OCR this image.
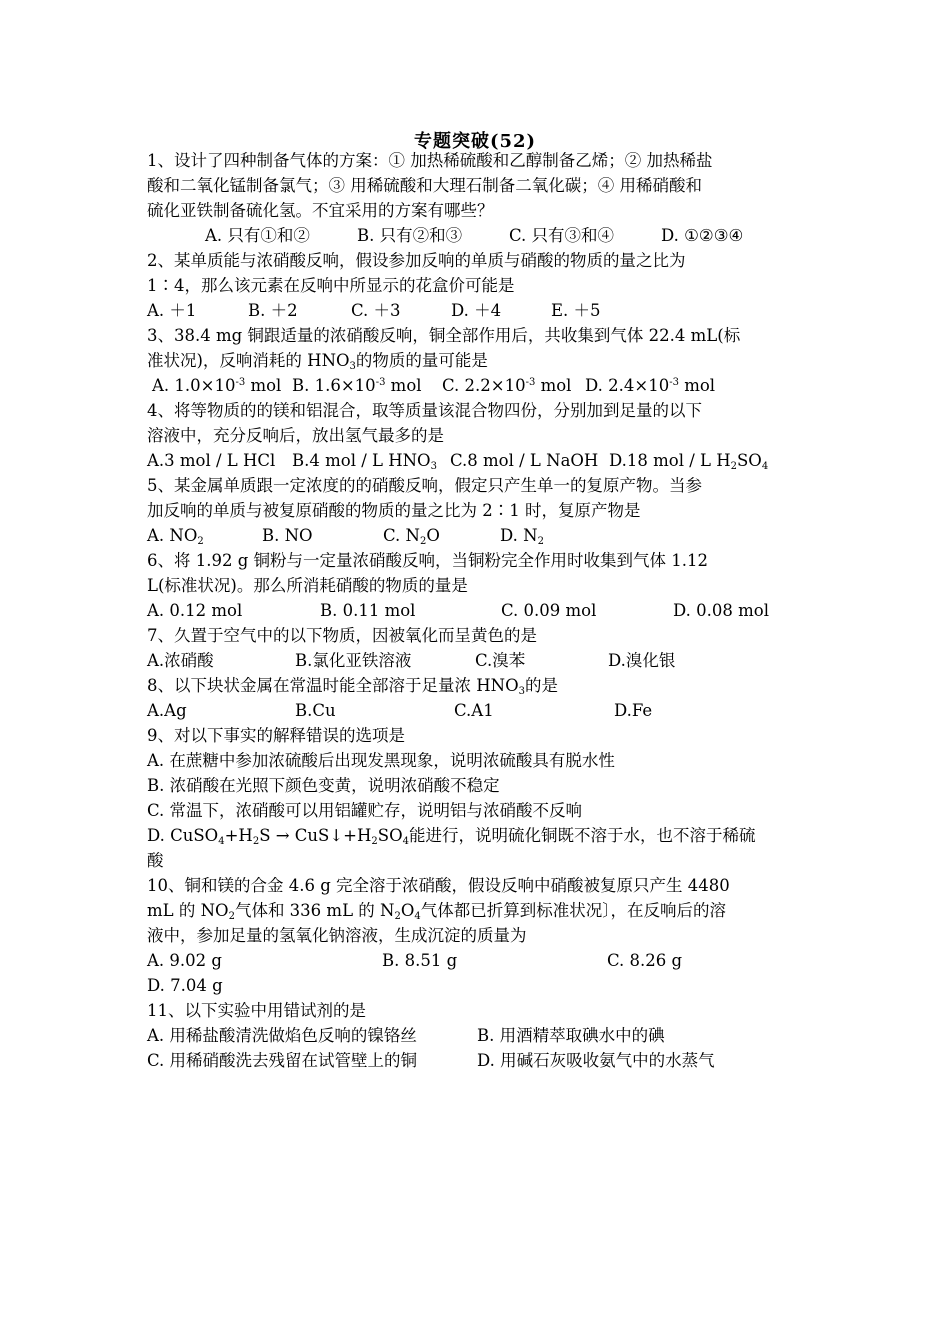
专题突破(52)
1、设计了四种制备气体的方案：① 加热稀硫酸和乙醇制备乙烯；② 加热稀盐
酸和二氧化锰制备氯气；③ 用稀硫酸和大理石制备二氧化碳；④ 用稀硝酸和
硫化亚铁制备硫化氢。不宜采用的方案有哪些？
A. 只有①和②	B. 只有②和③	C. 只有③和④	D. ①②③④
2、某单质能与浓硝酸反响，假设参加反响的单质与硝酸的物质的量之比为
1∶4，那么该元素在反响中所显示的花盒价可能是
A. ＋1	B. ＋2	C. ＋3	D. ＋4	E. ＋5
3、38.4 mg 铜跟适量的浓硝酸反响，铜全部作用后，共收集到气体 22.4 mL(标
准状况)，反响消耗的 $HNO_3$的物质的量可能是
A. $1.0\times 10^{-3}$ mol B. $1.6\times 10^{-3}$ mol C. $2.2\times 10^{-3}$ mol D. $2.4\times 10^{-3}$ mol
4、将等物质的的镁和铝混合，取等质量该混合物四份，分别加到足量的以下
溶液中，充分反响后，放出氢气最多的是
A.3 mol / L HCl B.4 mol / L $HNO_3$ C.8 mol / L NaOH D.18 mol / L $H_2SO_4$
5、某金属单质跟一定浓度的的硝酸反响，假定只产生单一的复原产物。当参
加反响的单质与被复原硝酸的物质的量之比为 2∶1 时，复原产物是
A. $NO_2$	B. NO	C. $N_2O$	D. $N_2$
6、将 1.92 g 铜粉与一定量浓硝酸反响，当铜粉完全作用时收集到气体 1.12
L(标准状况)。那么所消耗硝酸的物质的量是
A. 0.12 mol	B. 0.11 mol	C. 0.09 mol	D. 0.08 mol
7、久置于空气中的以下物质，因被氧化而呈黄色的是
A.浓硝酸	B.氯化亚铁溶液	C.溴苯	D.溴化银
8、以下块状金属在常温时能全部溶于足量浓 $HNO_3$的是
A.Ag	B.Cu	C.A1	D.Fe
9、对以下事实的解释错误的选项是
A. 在蔗糖中参加浓硫酸后出现发黑现象，说明浓硫酸具有脱水性
B. 浓硝酸在光照下颜色变黄，说明浓硝酸不稳定
C. 常温下，浓硝酸可以用铝罐贮存，说明铝与浓硝酸不反响
D. $CuSO_4+H_2S$ → $CuS↓+H_2SO_4$能进行，说明硫化铜既不溶于水，也不溶于稀硫
酸
10、铜和镁的合金 4.6 g 完全溶于浓硝酸，假设反响中硝酸被复原只产生 4480
mL 的 $NO_2$气体和 336 mL 的 $N_2O_4$气体都已折算到标准状况〕，在反响后的溶
液中，参加足量的氢氧化钠溶液，生成沉淀的质量为
A. 9.02 g	B. 8.51 g	C. 8.26 g
D. 7.04 g
11、以下实验中用错试剂的是
A. 用稀盐酸清洗做焰色反响的镍铬丝	B. 用酒精萃取碘水中的碘
C. 用稀硝酸洗去残留在试管壁上的铜	D. 用碱石灰吸收氨气中的水蒸气
